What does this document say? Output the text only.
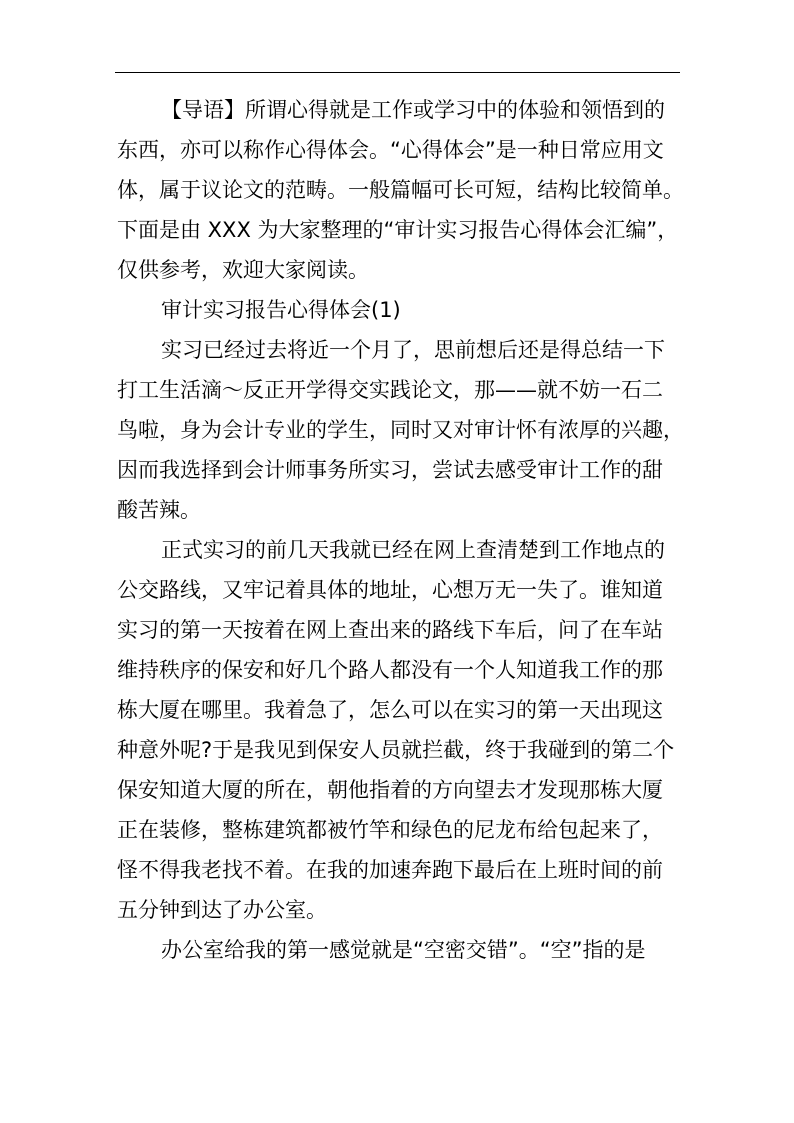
【导语】所谓心得就是工作或学习中的体验和领悟到的
东西，亦可以称作心得体会。“心得体会”是一种日常应用文
体，属于议论文的范畴。一般篇幅可长可短，结构比较简单。
下面是由 XXX 为大家整理的“审计实习报告心得体会汇编”，
仅供参考，欢迎大家阅读。
审计实习报告心得体会(1)
实习已经过去将近一个月了，思前想后还是得总结一下
打工生活滴～反正开学得交实践论文，那——就不妨一石二
鸟啦，身为会计专业的学生，同时又对审计怀有浓厚的兴趣，
因而我选择到会计师事务所实习，尝试去感受审计工作的甜
酸苦辣。
正式实习的前几天我就已经在网上查清楚到工作地点的
公交路线，又牢记着具体的地址，心想万无一失了。谁知道
实习的第一天按着在网上查出来的路线下车后，问了在车站
维持秩序的保安和好几个路人都没有一个人知道我工作的那
栋大厦在哪里。我着急了，怎么可以在实习的第一天出现这
种意外呢?于是我见到保安人员就拦截，终于我碰到的第二个
保安知道大厦的所在，朝他指着的方向望去才发现那栋大厦
正在装修，整栋建筑都被竹竿和绿色的尼龙布给包起来了，
怪不得我老找不着。在我的加速奔跑下最后在上班时间的前
五分钟到达了办公室。
办公室给我的第一感觉就是“空密交错”。“空”指的是
